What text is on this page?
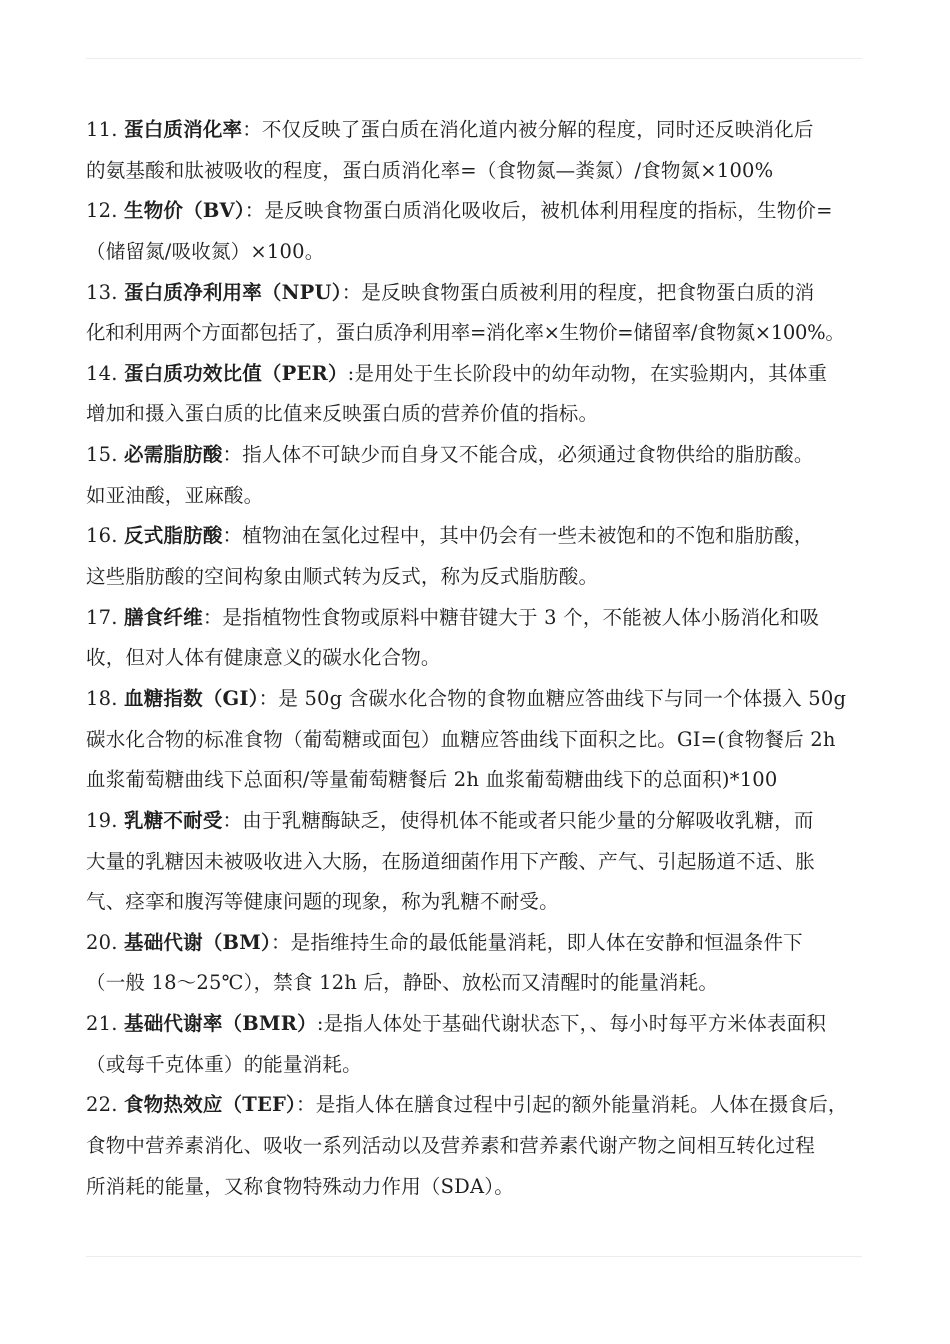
11. 蛋白质消化率：不仅反映了蛋白质在消化道内被分解的程度，同时还反映消化后
的氨基酸和肽被吸收的程度，蛋白质消化率=（食物氮—粪氮）/食物氮×100%
12. 生物价（BV）：是反映食物蛋白质消化吸收后，被机体利用程度的指标，生物价=
（储留氮/吸收氮）×100。
13. 蛋白质净利用率（NPU）：是反映食物蛋白质被利用的程度，把食物蛋白质的消
化和利用两个方面都包括了，蛋白质净利用率=消化率×生物价=储留率/食物氮×100%。
14. 蛋白质功效比值（PER）:是用处于生长阶段中的幼年动物，在实验期内，其体重
增加和摄入蛋白质的比值来反映蛋白质的营养价值的指标。
15. 必需脂肪酸：指人体不可缺少而自身又不能合成，必须通过食物供给的脂肪酸。
如亚油酸，亚麻酸。
16. 反式脂肪酸：植物油在氢化过程中，其中仍会有一些未被饱和的不饱和脂肪酸，
这些脂肪酸的空间构象由顺式转为反式，称为反式脂肪酸。
17. 膳食纤维：是指植物性食物或原料中糖苷键大于 3 个，不能被人体小肠消化和吸
收，但对人体有健康意义的碳水化合物。
18. 血糖指数（GI）：是 50g 含碳水化合物的食物血糖应答曲线下与同一个体摄入 50g
碳水化合物的标准食物（葡萄糖或面包）血糖应答曲线下面积之比。GI=(食物餐后 2h
血浆葡萄糖曲线下总面积/等量葡萄糖餐后 2h 血浆葡萄糖曲线下的总面积)*100
19. 乳糖不耐受：由于乳糖酶缺乏，使得机体不能或者只能少量的分解吸收乳糖，而
大量的乳糖因未被吸收进入大肠，在肠道细菌作用下产酸、产气、引起肠道不适、胀
气、痉挛和腹泻等健康问题的现象，称为乳糖不耐受。
20. 基础代谢（BM）：是指维持生命的最低能量消耗，即人体在安静和恒温条件下
（一般 18～25℃），禁食 12h 后，静卧、放松而又清醒时的能量消耗。
21. 基础代谢率（BMR）:是指人体处于基础代谢状态下，、每小时每平方米体表面积
（或每千克体重）的能量消耗。
22. 食物热效应（TEF）：是指人体在膳食过程中引起的额外能量消耗。人体在摄食后，
食物中营养素消化、吸收一系列活动以及营养素和营养素代谢产物之间相互转化过程
所消耗的能量，又称食物特殊动力作用（SDA）。
